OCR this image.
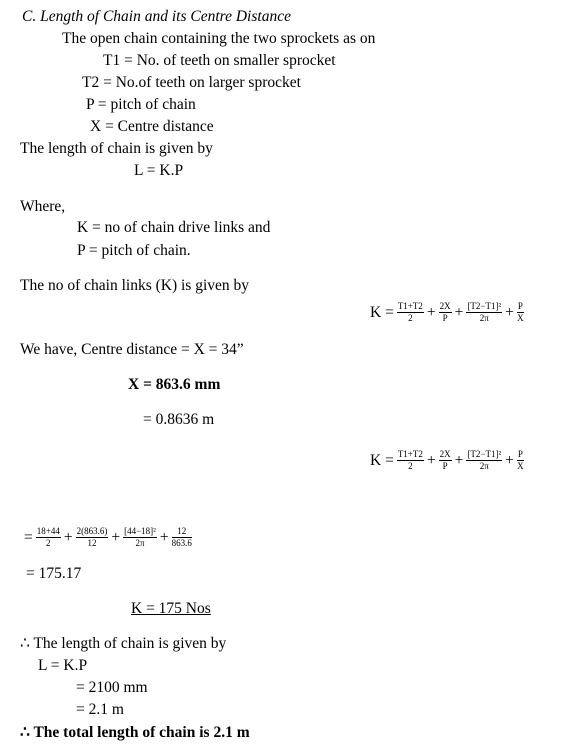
C. Length of Chain and its Centre Distance
The open chain containing the two sprockets as on
T1 = No. of teeth on smaller sprocket
T2 = No.of teeth on larger sprocket
P = pitch of chain
X = Centre distance
The length of chain is given by
L = K.P
Where,
K = no of chain drive links and
P = pitch of chain.
The no of chain links (K) is given by
$K = \frac{T1+T2}{2} + \frac{2X}{P} + \frac{\text{[T2−T1]²}}{2\pi} + \frac{P}{X}$
We have, Centre distance = X = 34”
X = 863.6 mm
= 0.8636 m
$K = \frac{T1+T2}{2} + \frac{2X}{P} + \frac{\text{[T2−T1]²}}{2\pi} + \frac{P}{X}$
= $\frac{18+44}{2} + \frac{2(863.6)}{12} + \frac{\text{[44−18]²}}{2\pi} + \frac{12}{863.6}$
= 175.17
K = 175 Nos
∴ The length of chain is given by
L = K.P
= 2100 mm
= 2.1 m
∴ The total length of chain is 2.1 m
